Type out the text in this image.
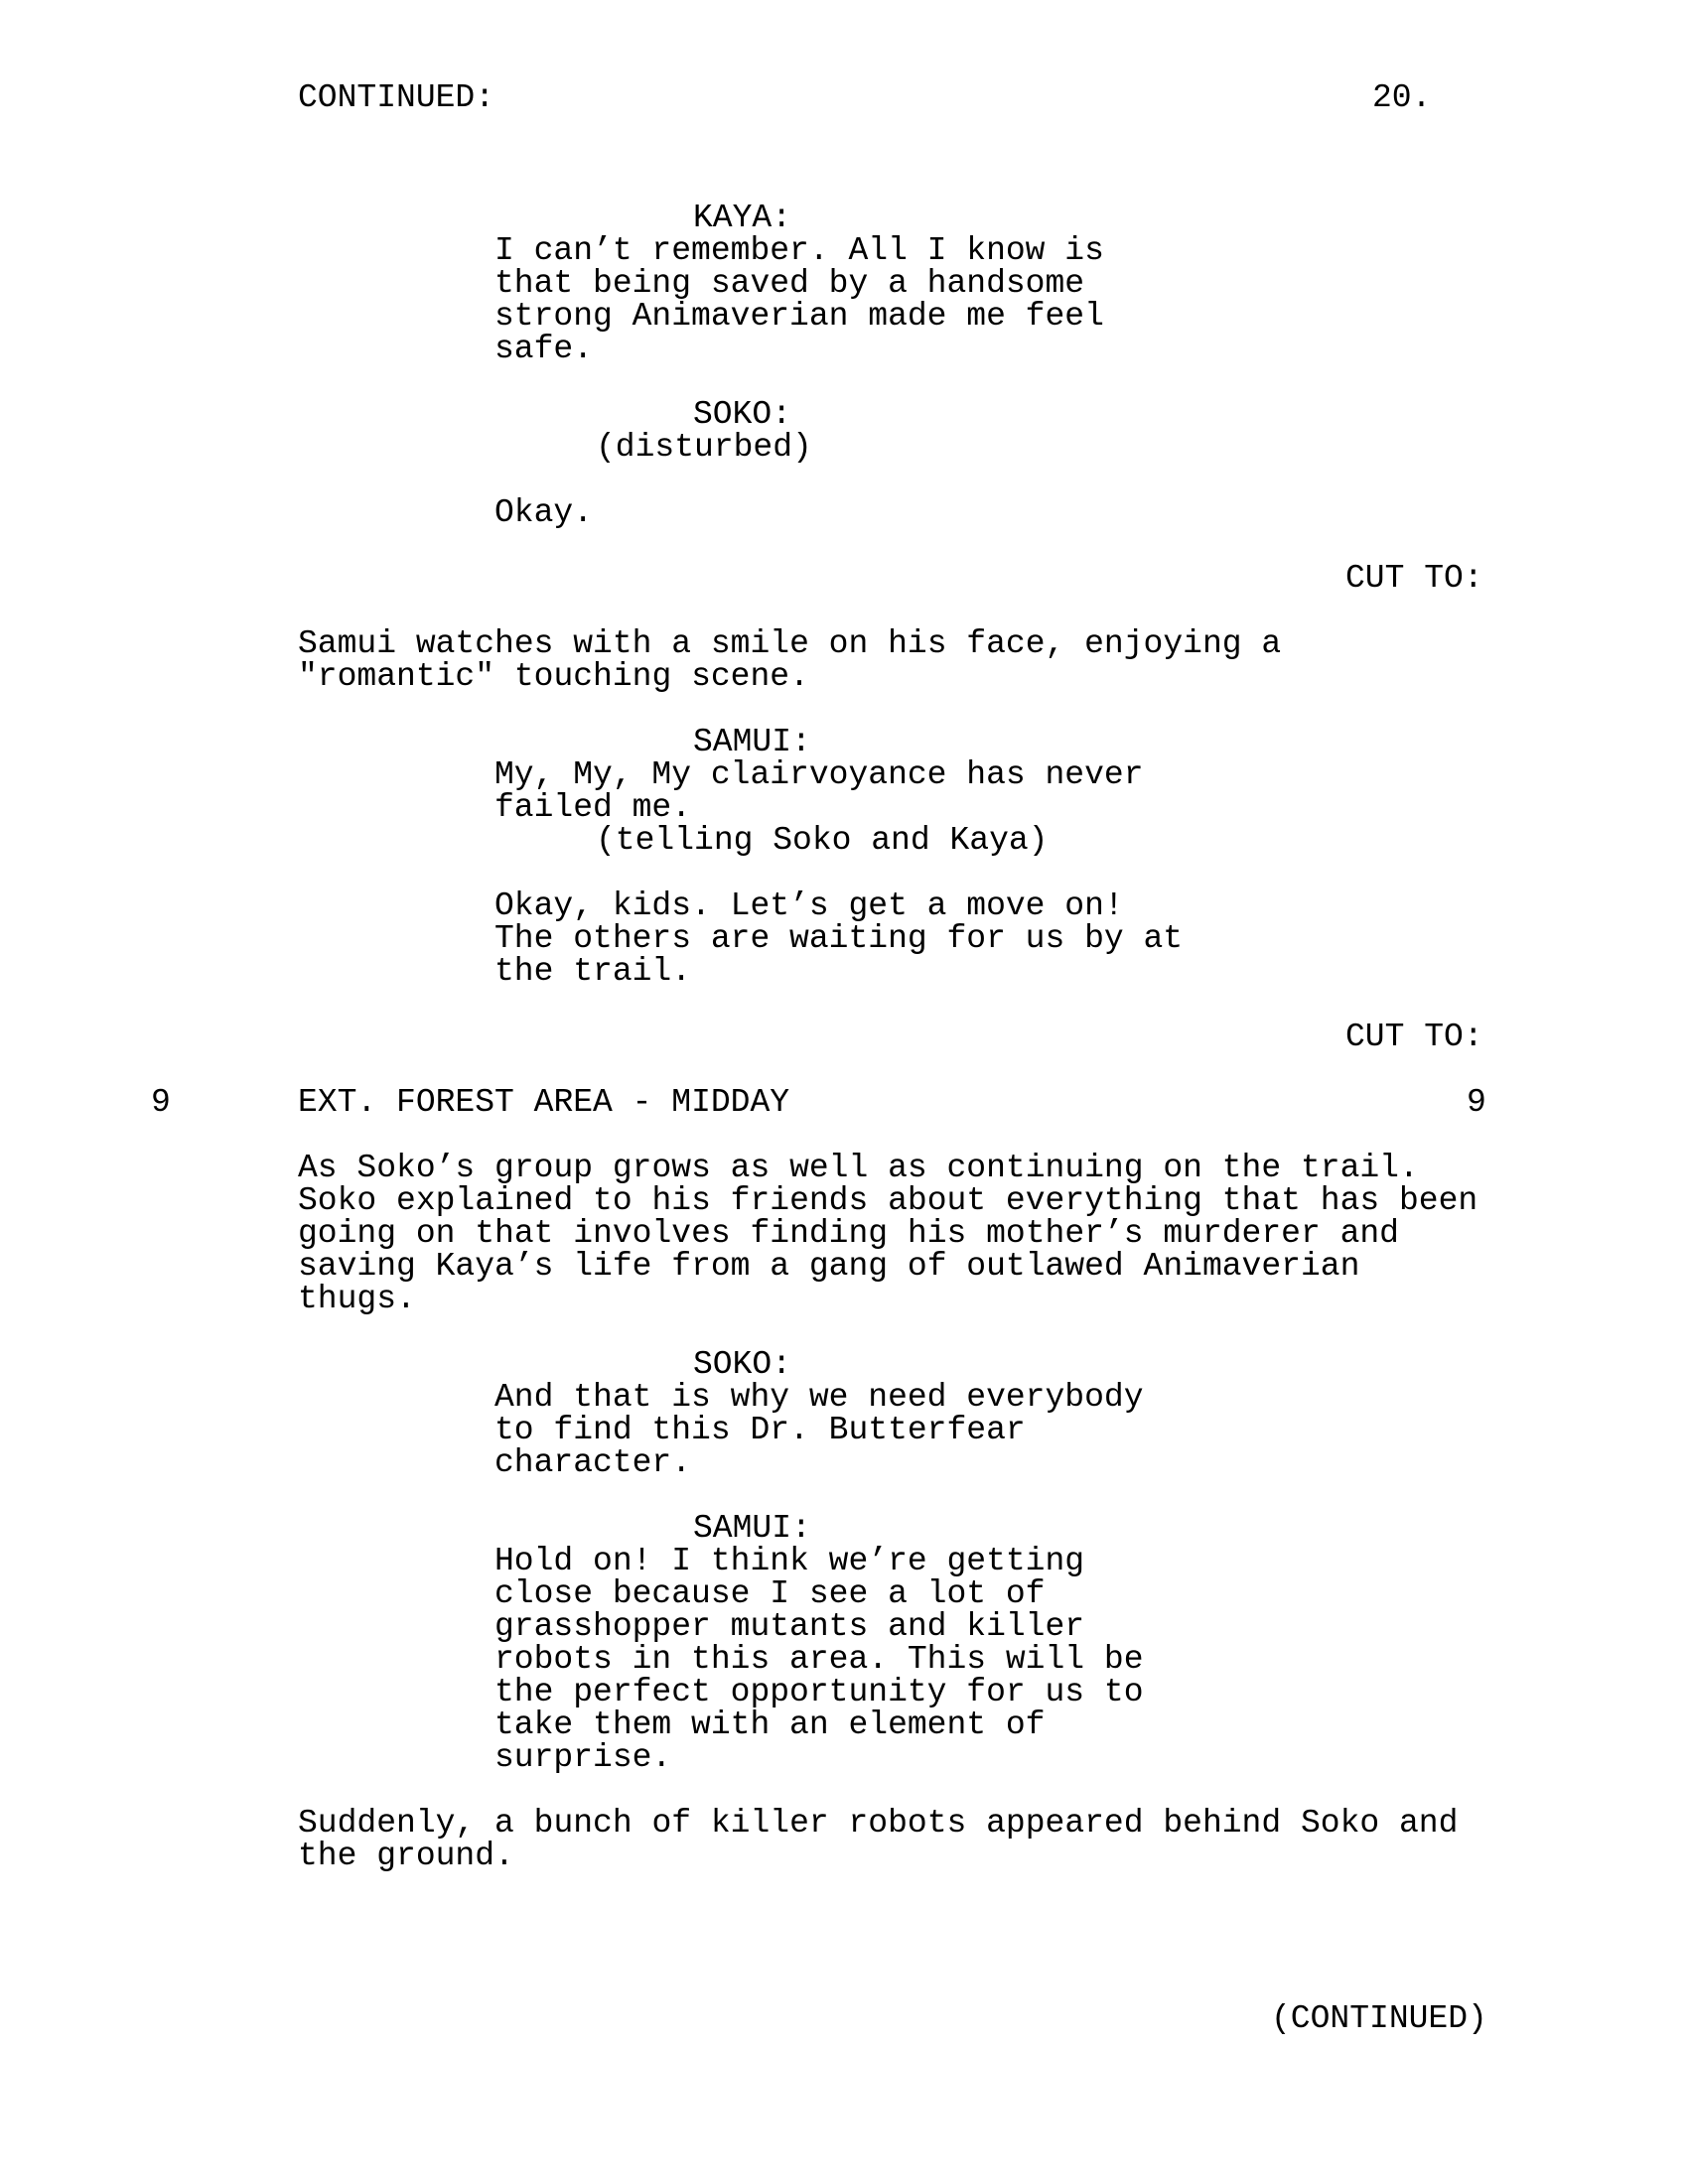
CONTINUED:	20.
KAYA:
I can’t remember. All I know is
that being saved by a handsome
strong Animaverian made me feel
safe.
SOKO:
(disturbed)
Okay.
CUT TO:
Samui watches with a smile on his face, enjoying a
"romantic" touching scene.
SAMUI:
My, My, My clairvoyance has never
failed me.
(telling Soko and Kaya)
Okay, kids. Let’s get a move on!
The others are waiting for us by at
the trail.
CUT TO:
9	EXT. FOREST AREA - MIDDAY	9
As Soko’s group grows as well as continuing on the trail.
Soko explained to his friends about everything that has been
going on that involves finding his mother’s murderer and
saving Kaya’s life from a gang of outlawed Animaverian
thugs.
SOKO:
And that is why we need everybody
to find this Dr. Butterfear
character.
SAMUI:
Hold on! I think we’re getting
close because I see a lot of
grasshopper mutants and killer
robots in this area. This will be
the perfect opportunity for us to
take them with an element of
surprise.
Suddenly, a bunch of killer robots appeared behind Soko and
the ground.
(CONTINUED)
